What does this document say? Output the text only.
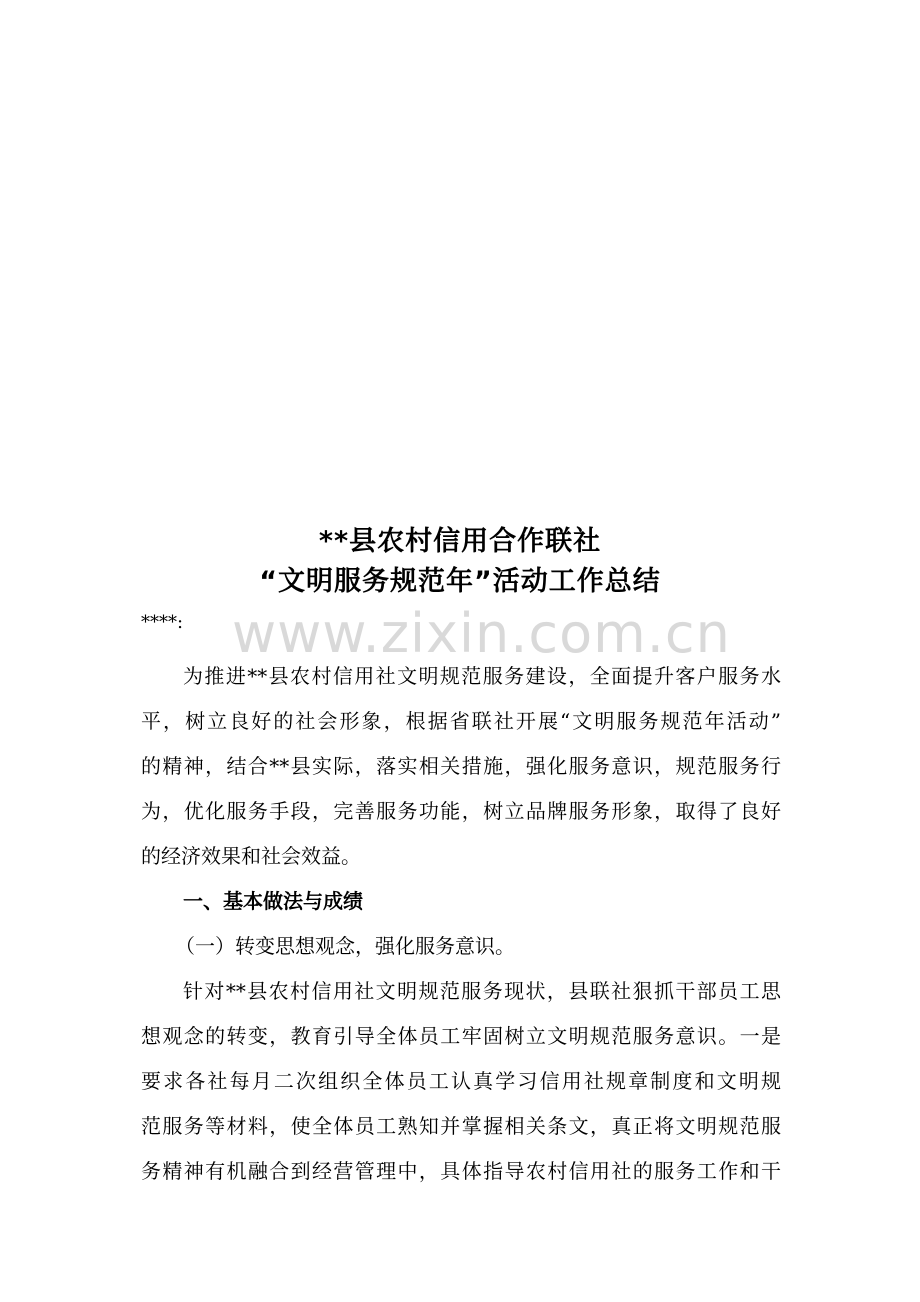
www.zixin.com.cn
**县农村信用合作联社
“文明服务规范年”活动工作总结
****:
为推进**县农村信用社文明规范服务建设，全面提升客户服务水
平，树立良好的社会形象，根据省联社开展“文明服务规范年活动”
的精神，结合**县实际，落实相关措施，强化服务意识，规范服务行
为，优化服务手段，完善服务功能，树立品牌服务形象，取得了良好
的经济效果和社会效益。
一、基本做法与成绩
（一）转变思想观念，强化服务意识。
针对**县农村信用社文明规范服务现状，县联社狠抓干部员工思
想观念的转变，教育引导全体员工牢固树立文明规范服务意识。一是
要求各社每月二次组织全体员工认真学习信用社规章制度和文明规
范服务等材料，使全体员工熟知并掌握相关条文，真正将文明规范服
务精神有机融合到经营管理中，具体指导农村信用社的服务工作和干
